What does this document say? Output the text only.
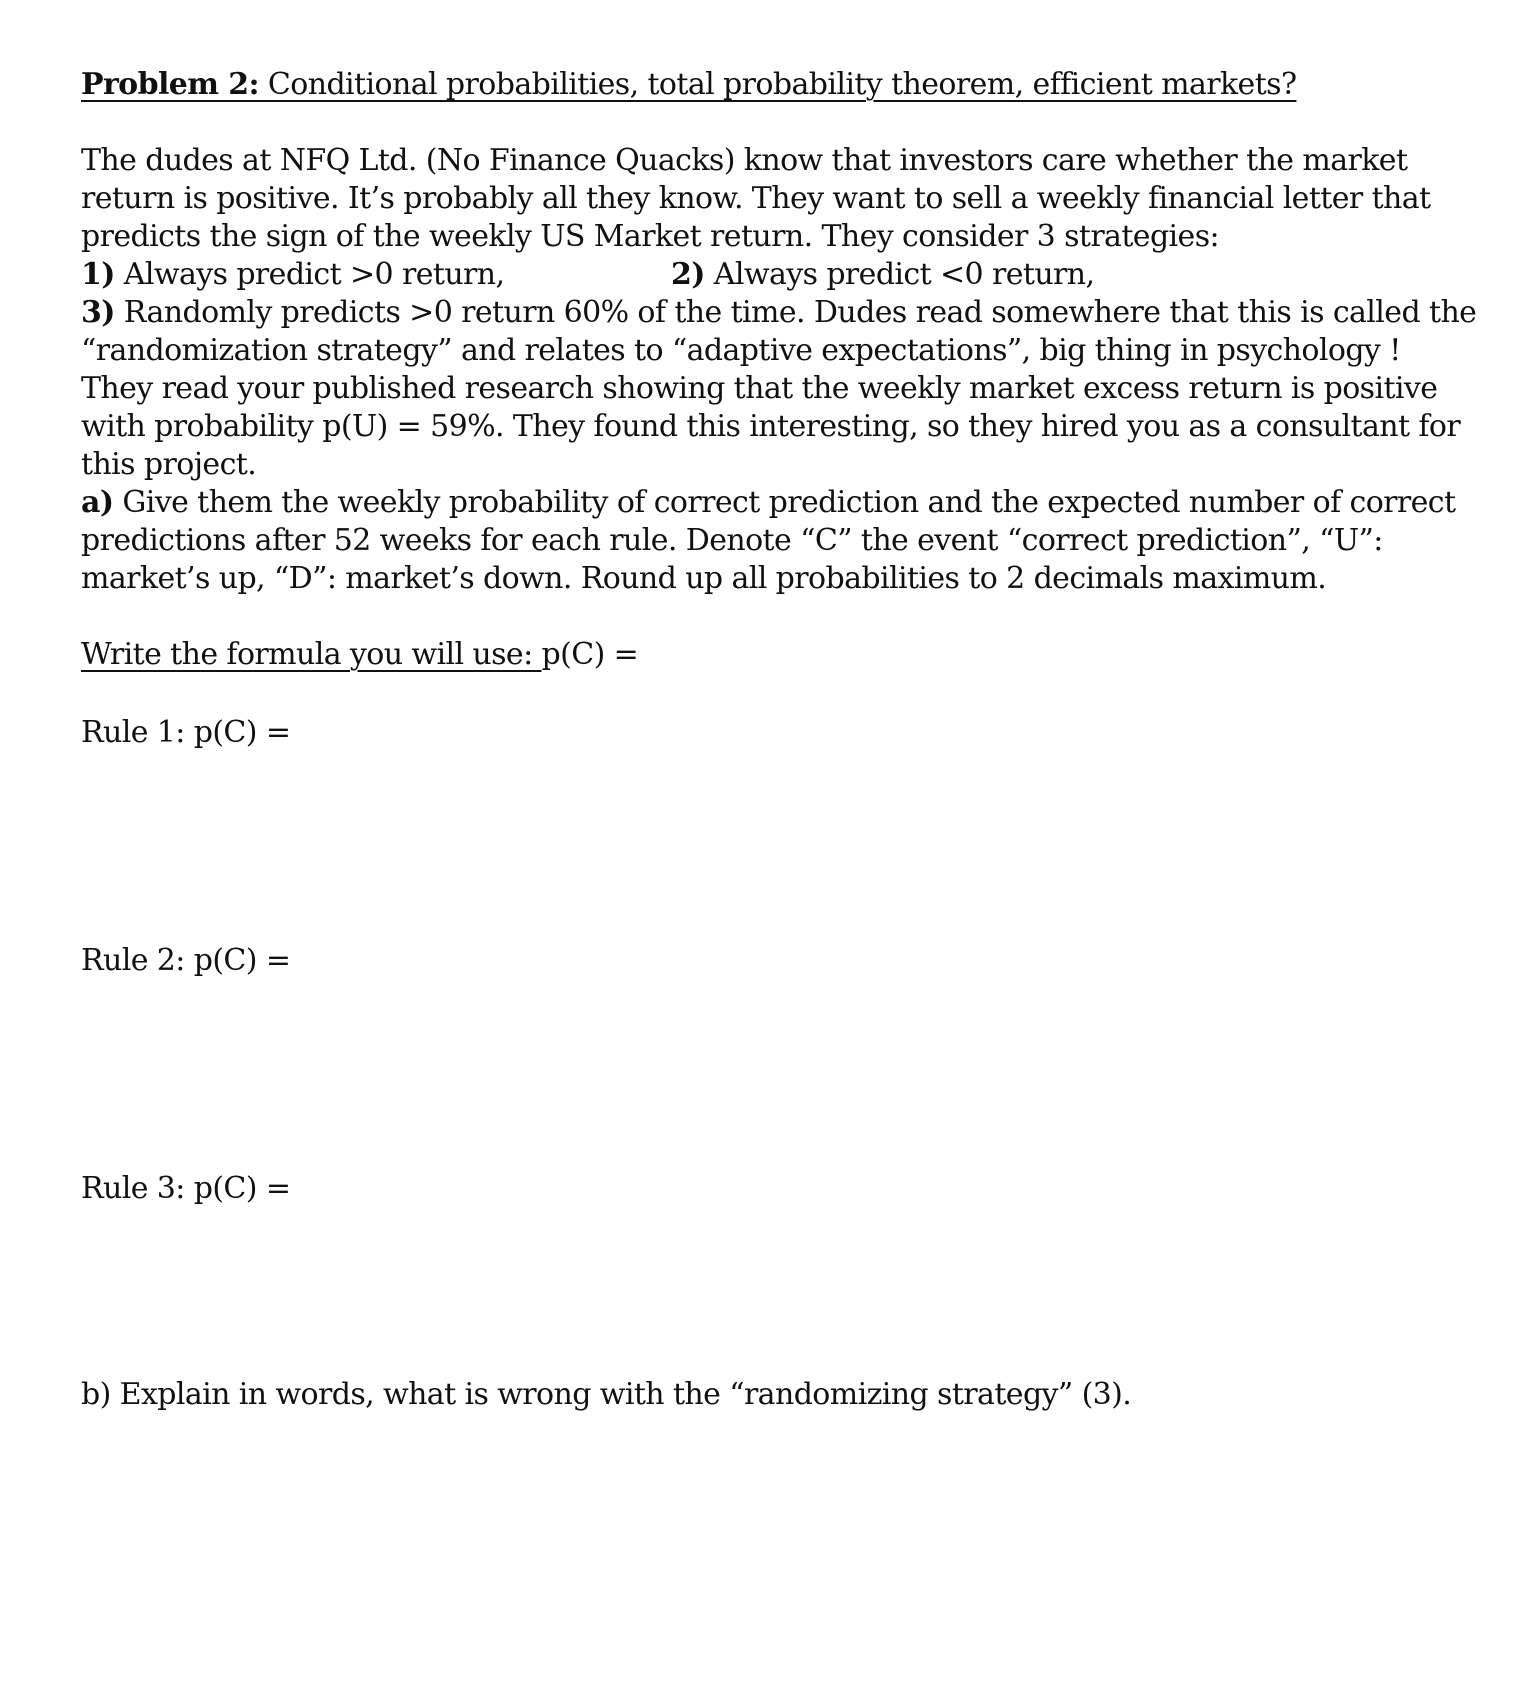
Problem 2: Conditional probabilities, total probability theorem, efficient markets?
The dudes at NFQ Ltd. (No Finance Quacks) know that investors care whether the market
return is positive. It’s probably all they know. They want to sell a weekly financial letter that
predicts the sign of the weekly US Market return. They consider 3 strategies:
1) Always predict >0 return,	2) Always predict <0 return,
3) Randomly predicts >0 return 60% of the time. Dudes read somewhere that this is called the
“randomization strategy” and relates to “adaptive expectations”, big thing in psychology !
They read your published research showing that the weekly market excess return is positive
with probability p(U) = 59%. They found this interesting, so they hired you as a consultant for
this project.
a) Give them the weekly probability of correct prediction and the expected number of correct
predictions after 52 weeks for each rule. Denote “C” the event “correct prediction”, “U”:
market’s up, “D”: market’s down. Round up all probabilities to 2 decimals maximum.
Write the formula you will use: p(C) =
Rule 1: p(C) =
Rule 2: p(C) =
Rule 3: p(C) =
b) Explain in words, what is wrong with the “randomizing strategy” (3).
